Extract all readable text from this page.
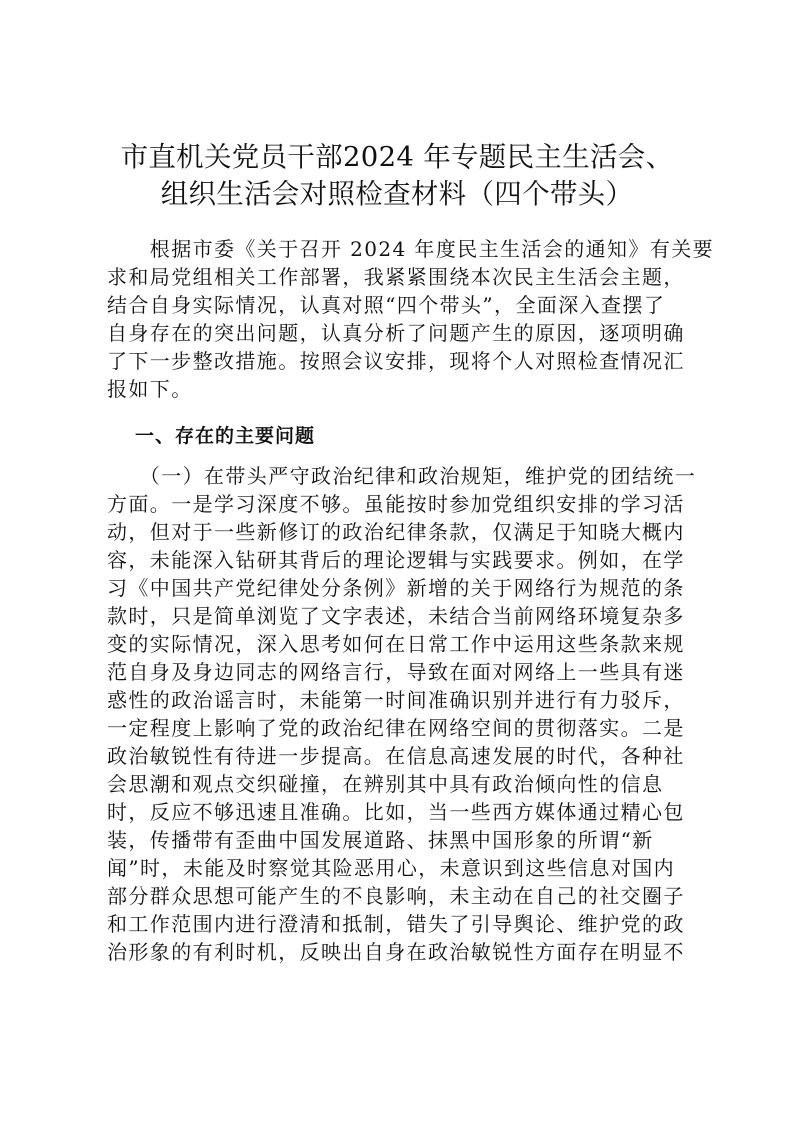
市直机关党员干部2024 年专题民主生活会、
组织生活会对照检查材料（四个带头）
　　根据市委《关于召开 2024 年度民主生活会的通知》有关要
求和局党组相关工作部署，我紧紧围绕本次民主生活会主题，
结合自身实际情况，认真对照“四个带头”，全面深入查摆了
自身存在的突出问题，认真分析了问题产生的原因，逐项明确
了下一步整改措施。按照会议安排，现将个人对照检查情况汇
报如下。
一、存在的主要问题
　　（一）在带头严守政治纪律和政治规矩，维护党的团结统一
方面。一是学习深度不够。虽能按时参加党组织安排的学习活
动，但对于一些新修订的政治纪律条款，仅满足于知晓大概内
容，未能深入钻研其背后的理论逻辑与实践要求。例如，在学
习《中国共产党纪律处分条例》新增的关于网络行为规范的条
款时，只是简单浏览了文字表述，未结合当前网络环境复杂多
变的实际情况，深入思考如何在日常工作中运用这些条款来规
范自身及身边同志的网络言行，导致在面对网络上一些具有迷
惑性的政治谣言时，未能第一时间准确识别并进行有力驳斥，
一定程度上影响了党的政治纪律在网络空间的贯彻落实。二是
政治敏锐性有待进一步提高。在信息高速发展的时代，各种社
会思潮和观点交织碰撞，在辨别其中具有政治倾向性的信息
时，反应不够迅速且准确。比如，当一些西方媒体通过精心包
装，传播带有歪曲中国发展道路、抹黑中国形象的所谓“新
闻”时，未能及时察觉其险恶用心，未意识到这些信息对国内
部分群众思想可能产生的不良影响，未主动在自己的社交圈子
和工作范围内进行澄清和抵制，错失了引导舆论、维护党的政
治形象的有利时机，反映出自身在政治敏锐性方面存在明显不
